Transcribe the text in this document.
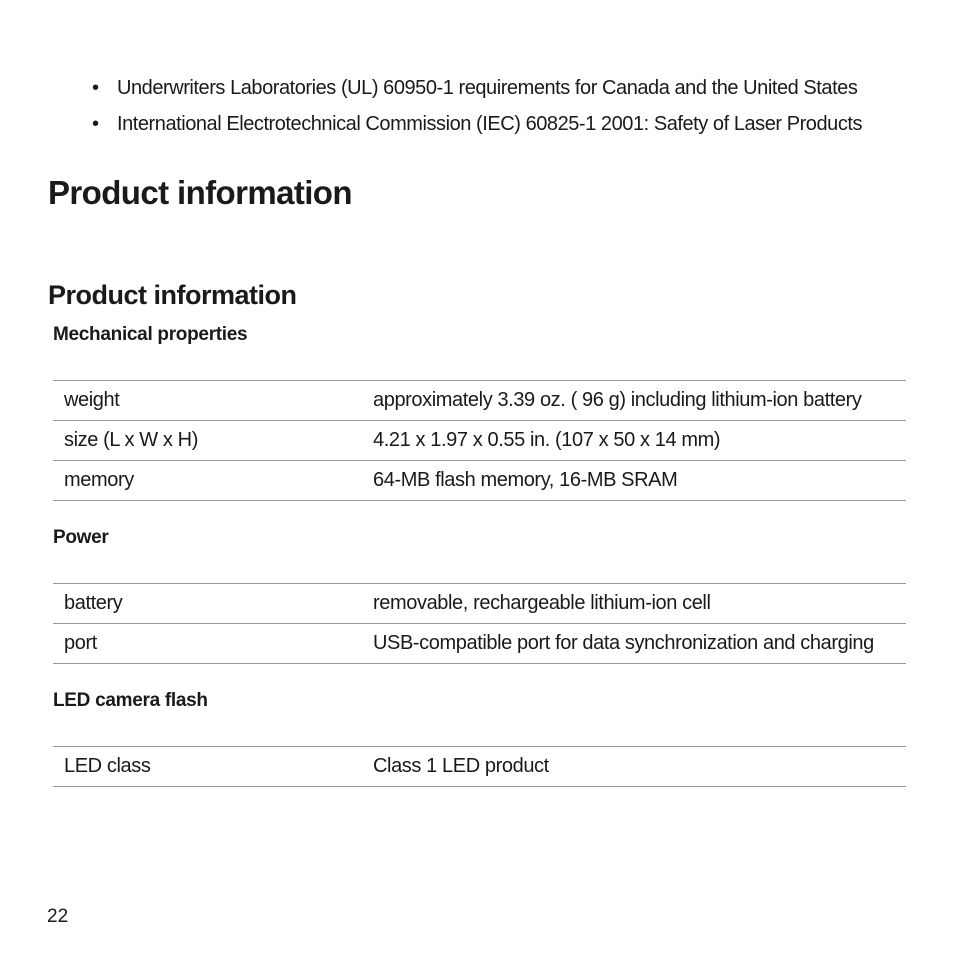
• Underwriters Laboratories (UL) 60950-1 requirements for Canada and the United States
• International Electrotechnical Commission (IEC) 60825-1 2001: Safety of Laser Products
Product information
Product information

Mechanical properties

weight	approximately 3.39 oz. ( 96 g) including lithium-ion battery
size (L x W x H)	4.21 x 1.97 x 0.55 in. (107 x 50 x 14 mm)
memory	64-MB flash memory, 16-MB SRAM

Power

battery	removable, rechargeable lithium-ion cell
port	USB-compatible port for data synchronization and charging

LED camera flash

LED class	Class 1 LED product
22
